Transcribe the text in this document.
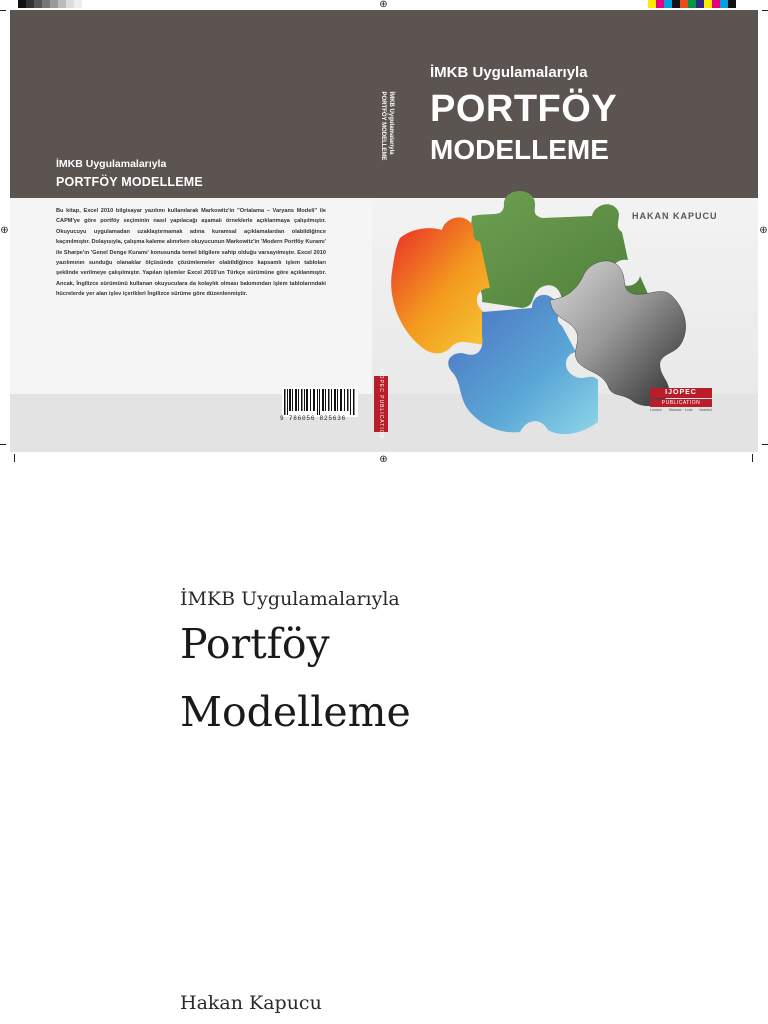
⊕
⊕	⊕
⊕
İMKB Uygulamalarıyla
PORTFÖY MODELLEME
Bu kitap, Excel 2010 bilgisayar yazılımı kullanılarak Markowitz'in "Ortalama – Varyans Modeli" ile CAPM'ye göre portföy seçiminin nasıl yapılacağı aşamalı örneklerle açıklanmaya çalışılmıştır. Okuyucuyu uygulamadan uzaklaştırmamak adına kuramsal açıklamalardan olabildiğince kaçınılmıştır. Dolayısıyla, çalışma kaleme alınırken okuyucunun Markowitz'in 'Modern Portföy Kuramı' ile Sharpe'ın 'Genel Denge Kuramı' konusunda temel bilgilere sahip olduğu varsayılmıştır. Excel 2010 yazılımının sunduğu olanaklar ölçüsünde çözümlemeler olabildiğince kapsamlı işlem tabloları şeklinde verilmeye çalışılmıştır. Yapılan işlemler Excel 2010'un Türkçe sürümüne göre açıklanmıştır. Ancak, İngilizce sürümünü kullanan okuyuculara da kolaylık olması bakımından işlem tablolarındaki hücrelerde yer alan işlev içerikleri İngilizce sürüme göre düzenlenmiştir.
İMKB Uygulamalarıyla
PORTFÖY MODELLEME
IJOPEC PUBLICATION
İMKB Uygulamalarıyla
PORTFÖY
MODELLEME
HAKAN KAPUCU
9 786056 825636
IJOPEC
PUBLICATION
London Warsaw · Lodz Istanbul
İMKB Uygulamalarıyla
Portföy
Modelleme
Hakan Kapucu
